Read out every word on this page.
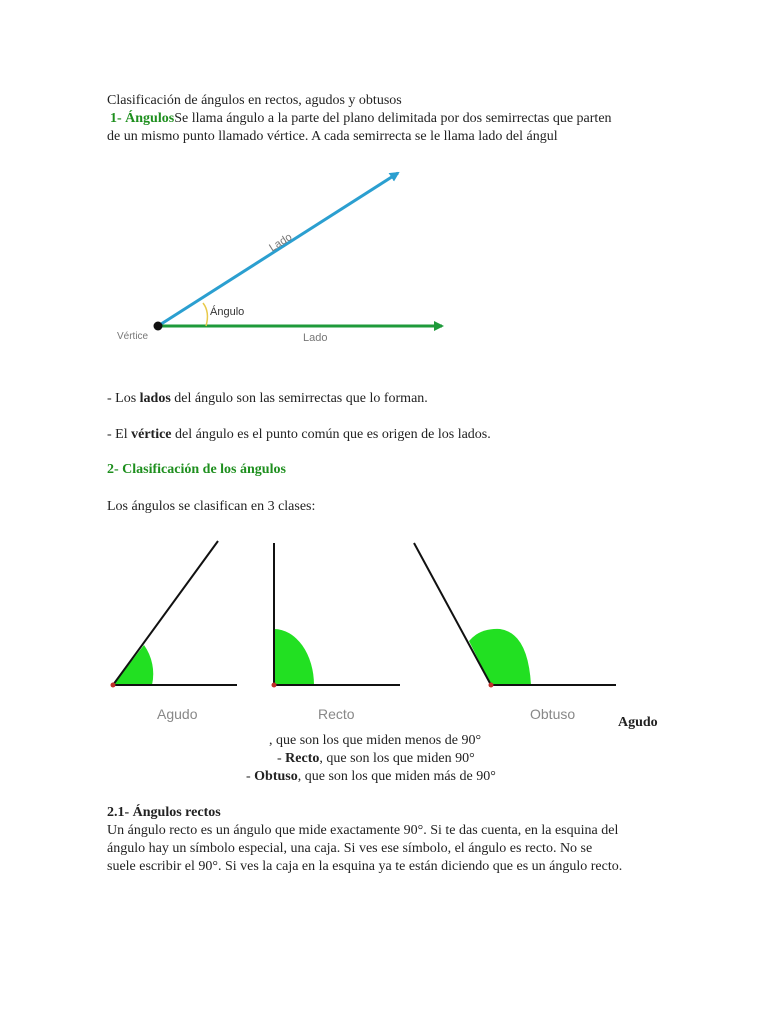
Clasificación de ángulos en rectos, agudos y obtusos
1- ÁngulosSe llama ángulo a la parte del plano delimitada por dos semirrectas que parten
de un mismo punto llamado vértice. A cada semirrecta se le llama lado del ángul
Lado
Ángulo
Vértice	Lado
Agudo	Recto	Obtuso
- Los lados del ángulo son las semirrectas que lo forman.
- El vértice del ángulo es el punto común que es origen de los lados.
2- Clasificación de los ángulos
Los ángulos se clasifican en 3 clases:
Agudo
, que son los que miden menos de 90°
- Recto, que son los que miden 90°
- Obtuso, que son los que miden más de 90°
2.1- Ángulos rectos
Un ángulo recto es un ángulo que mide exactamente 90°. Si te das cuenta, en la esquina del
ángulo hay un símbolo especial, una caja. Si ves ese símbolo, el ángulo es recto. No se
suele escribir el 90°. Si ves la caja en la esquina ya te están diciendo que es un ángulo recto.
